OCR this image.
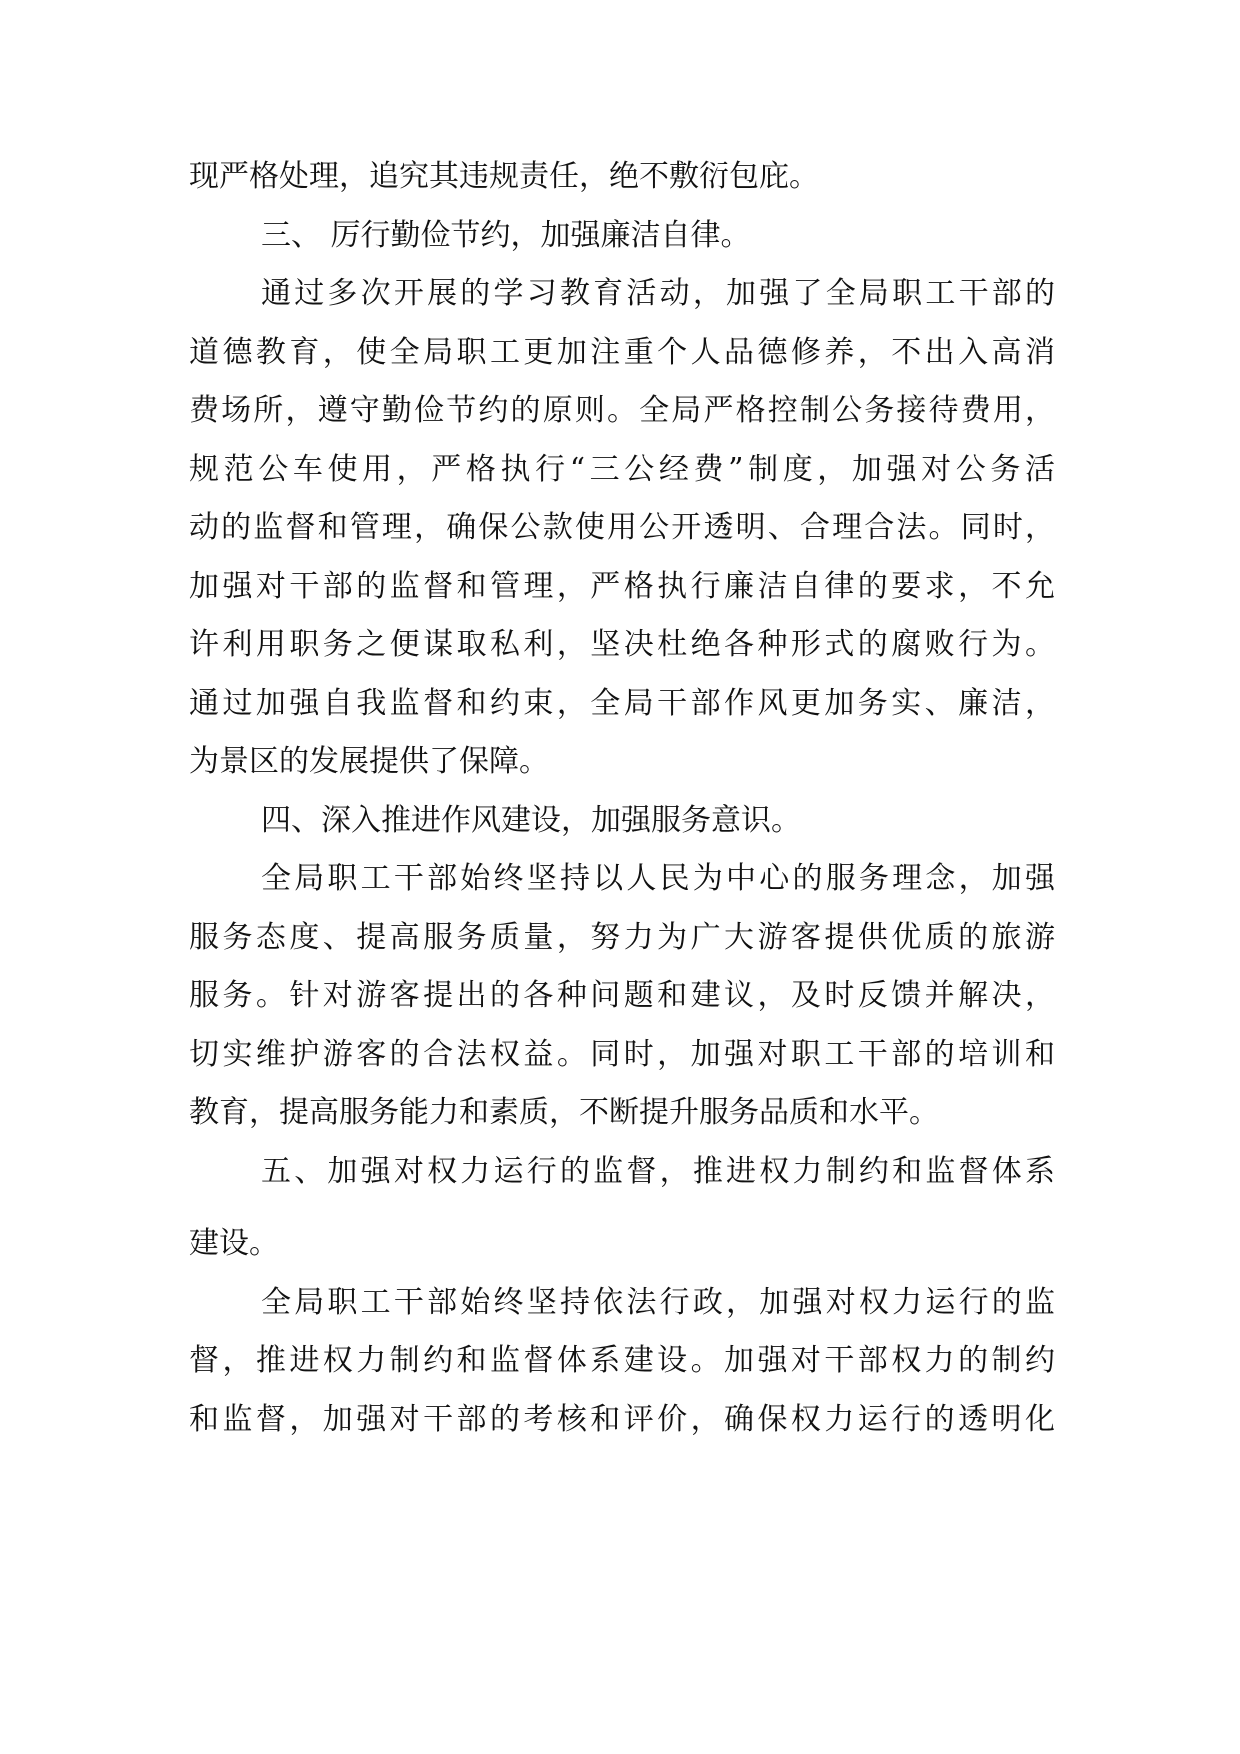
现严格处理，追究其违规责任，绝不敷衍包庇。
三、 厉行勤俭节约，加强廉洁自律。
通过多次开展的学习教育活动，加强了全局职工干部的
道德教育，使全局职工更加注重个人品德修养，不出入高消
费场所，遵守勤俭节约的原则。全局严格控制公务接待费用，
规范公车使用，严格执行“三公经费”制度，加强对公务活
动的监督和管理，确保公款使用公开透明、合理合法。同时，
加强对干部的监督和管理，严格执行廉洁自律的要求，不允
许利用职务之便谋取私利，坚决杜绝各种形式的腐败行为。
通过加强自我监督和约束，全局干部作风更加务实、廉洁，
为景区的发展提供了保障。
四、深入推进作风建设，加强服务意识。
全局职工干部始终坚持以人民为中心的服务理念，加强
服务态度、提高服务质量，努力为广大游客提供优质的旅游
服务。针对游客提出的各种问题和建议，及时反馈并解决，
切实维护游客的合法权益。同时，加强对职工干部的培训和
教育，提高服务能力和素质，不断提升服务品质和水平。
五、加强对权力运行的监督，推进权力制约和监督体系
建设。
全局职工干部始终坚持依法行政，加强对权力运行的监
督，推进权力制约和监督体系建设。加强对干部权力的制约
和监督，加强对干部的考核和评价，确保权力运行的透明化
